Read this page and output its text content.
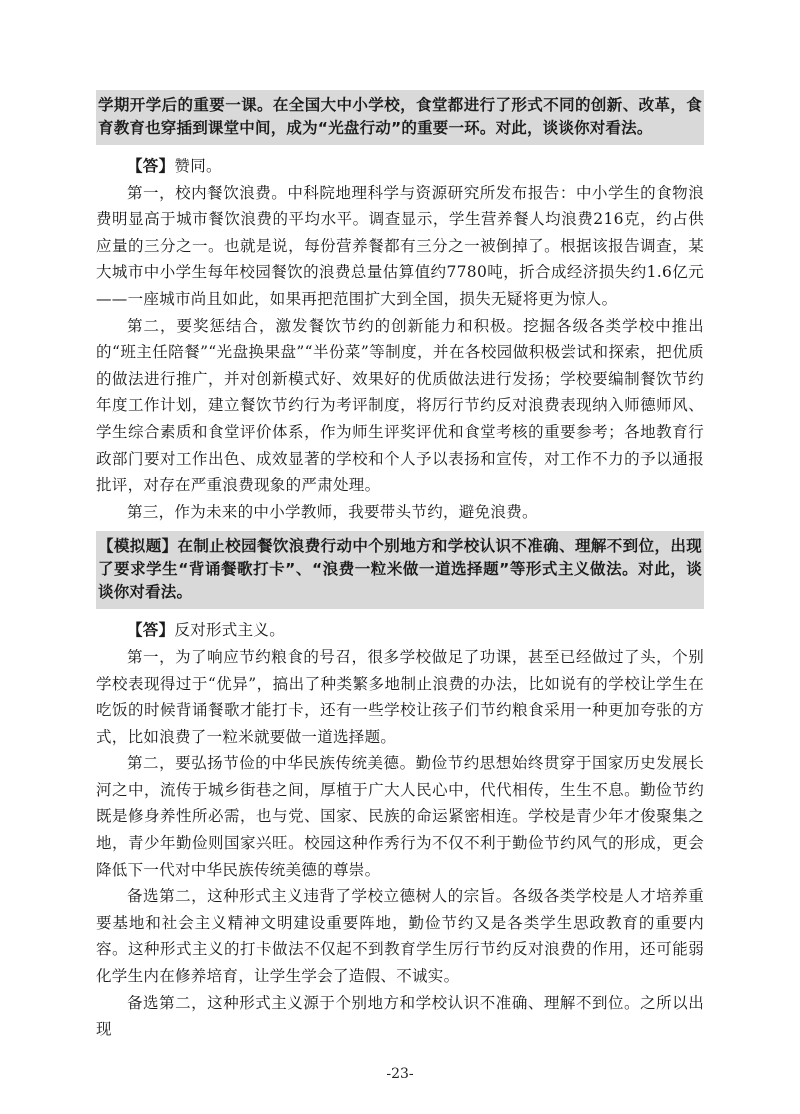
学期开学后的重要一课。在全国大中小学校，食堂都进行了形式不同的创新、改革，食育教育也穿插到课堂中间，成为“光盘行动”的重要一环。对此，谈谈你对看法。

【答】赞同。

第一，校内餐饮浪费。中科院地理科学与资源研究所发布报告：中小学生的食物浪费明显高于城市餐饮浪费的平均水平。调查显示，学生营养餐人均浪费216克，约占供应量的三分之一。也就是说，每份营养餐都有三分之一被倒掉了。根据该报告调查，某大城市中小学生每年校园餐饮的浪费总量估算值约7780吨，折合成经济损失约1.6亿元——一座城市尚且如此，如果再把范围扩大到全国，损失无疑将更为惊人。

第二，要奖惩结合，激发餐饮节约的创新能力和积极。挖掘各级各类学校中推出的“班主任陪餐”“光盘换果盘”“半份菜”等制度，并在各校园做积极尝试和探索，把优质的做法进行推广，并对创新模式好、效果好的优质做法进行发扬；学校要编制餐饮节约年度工作计划，建立餐饮节约行为考评制度，将厉行节约反对浪费表现纳入师德师风、学生综合素质和食堂评价体系，作为师生评奖评优和食堂考核的重要参考；各地教育行政部门要对工作出色、成效显著的学校和个人予以表扬和宣传，对工作不力的予以通报批评，对存在严重浪费现象的严肃处理。

第三，作为未来的中小学教师，我要带头节约，避免浪费。

【模拟题】在制止校园餐饮浪费行动中个别地方和学校认识不准确、理解不到位，出现了要求学生“背诵餐歌打卡”、“浪费一粒米做一道选择题”等形式主义做法。对此，谈谈你对看法。

【答】反对形式主义。

第一，为了响应节约粮食的号召，很多学校做足了功课，甚至已经做过了头，个别学校表现得过于“优异”，搞出了种类繁多地制止浪费的办法，比如说有的学校让学生在吃饭的时候背诵餐歌才能打卡，还有一些学校让孩子们节约粮食采用一种更加夸张的方式，比如浪费了一粒米就要做一道选择题。

第二，要弘扬节俭的中华民族传统美德。勤俭节约思想始终贯穿于国家历史发展长河之中，流传于城乡街巷之间，厚植于广大人民心中，代代相传，生生不息。勤俭节约既是修身养性所必需，也与党、国家、民族的命运紧密相连。学校是青少年才俊聚集之地，青少年勤俭则国家兴旺。校园这种作秀行为不仅不利于勤俭节约风气的形成，更会降低下一代对中华民族传统美德的尊崇。

备选第二，这种形式主义违背了学校立德树人的宗旨。各级各类学校是人才培养重要基地和社会主义精神文明建设重要阵地，勤俭节约又是各类学生思政教育的重要内容。这种形式主义的打卡做法不仅起不到教育学生厉行节约反对浪费的作用，还可能弱化学生内在修养培育，让学生学会了造假、不诚实。

备选第二，这种形式主义源于个别地方和学校认识不准确、理解不到位。之所以出现

-23-
